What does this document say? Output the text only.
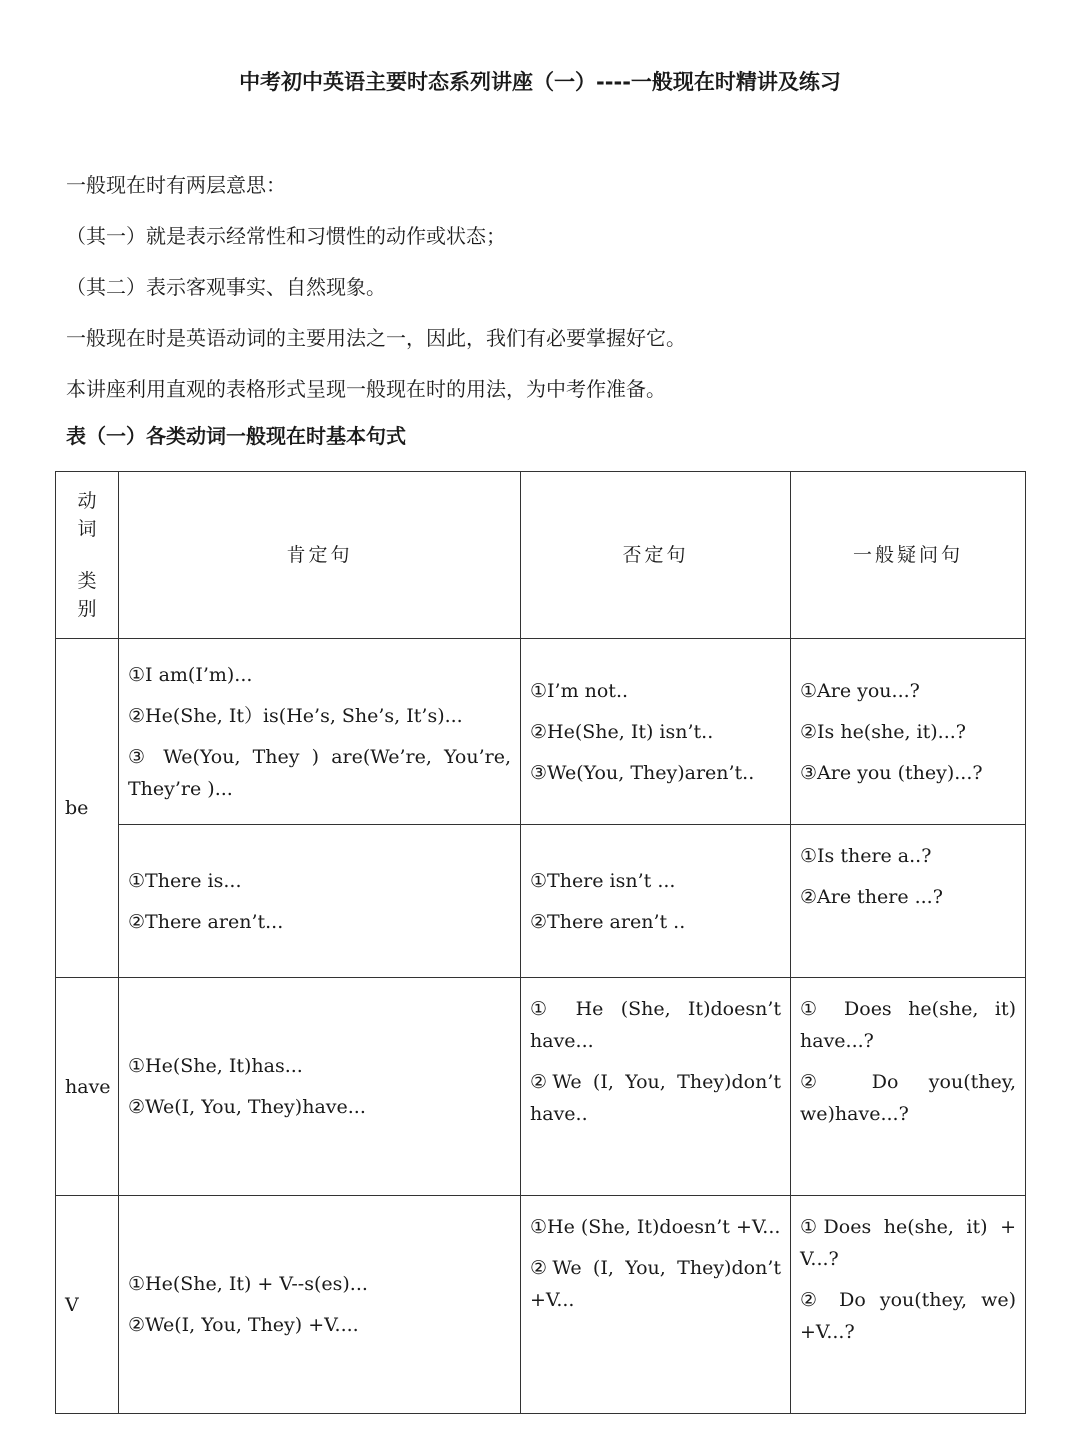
中考初中英语主要时态系列讲座（一）----一般现在时精讲及练习

一般现在时有两层意思：

（其一）就是表示经常性和习惯性的动作或状态；

（其二）表示客观事实、自然现象。

一般现在时是英语动词的主要用法之一，因此，我们有必要掌握好它。

本讲座利用直观的表格形式呈现一般现在时的用法，为中考作准备。

表（一）各类动词一般现在时基本句式
动
词
类
别	肯定句	否定句	一般疑问句
be	①I am(I’m)...
②He(She, It）is(He’s, She’s, It’s)...
③ We(You, They ) are(We’re, You’re, They’re )...	①I’m not..
②He(She, It) isn’t..
③We(You, They)aren’t..	①Are you...?
②Is he(she, it)...?
③Are you (they)...?

	①There is...
②There aren’t...	①There isn’t ...
②There aren’t ..	①Is there a..?
②Are there ...?

have	①He(She, It)has...
②We(I, You, They)have...	① He (She, It)doesn’t have...
②We (I, You, They)don’t have..	① Does he(she, it) have...?
② Do you(they, we)have...?

V	①He(She, It) + V--s(es)...
②We(I, You, They) +V....	①He (She, It)doesn’t +V...
②We (I, You, They)don’t +V...	①Does he(she, it) + V...?
② Do you(they, we) +V...?
